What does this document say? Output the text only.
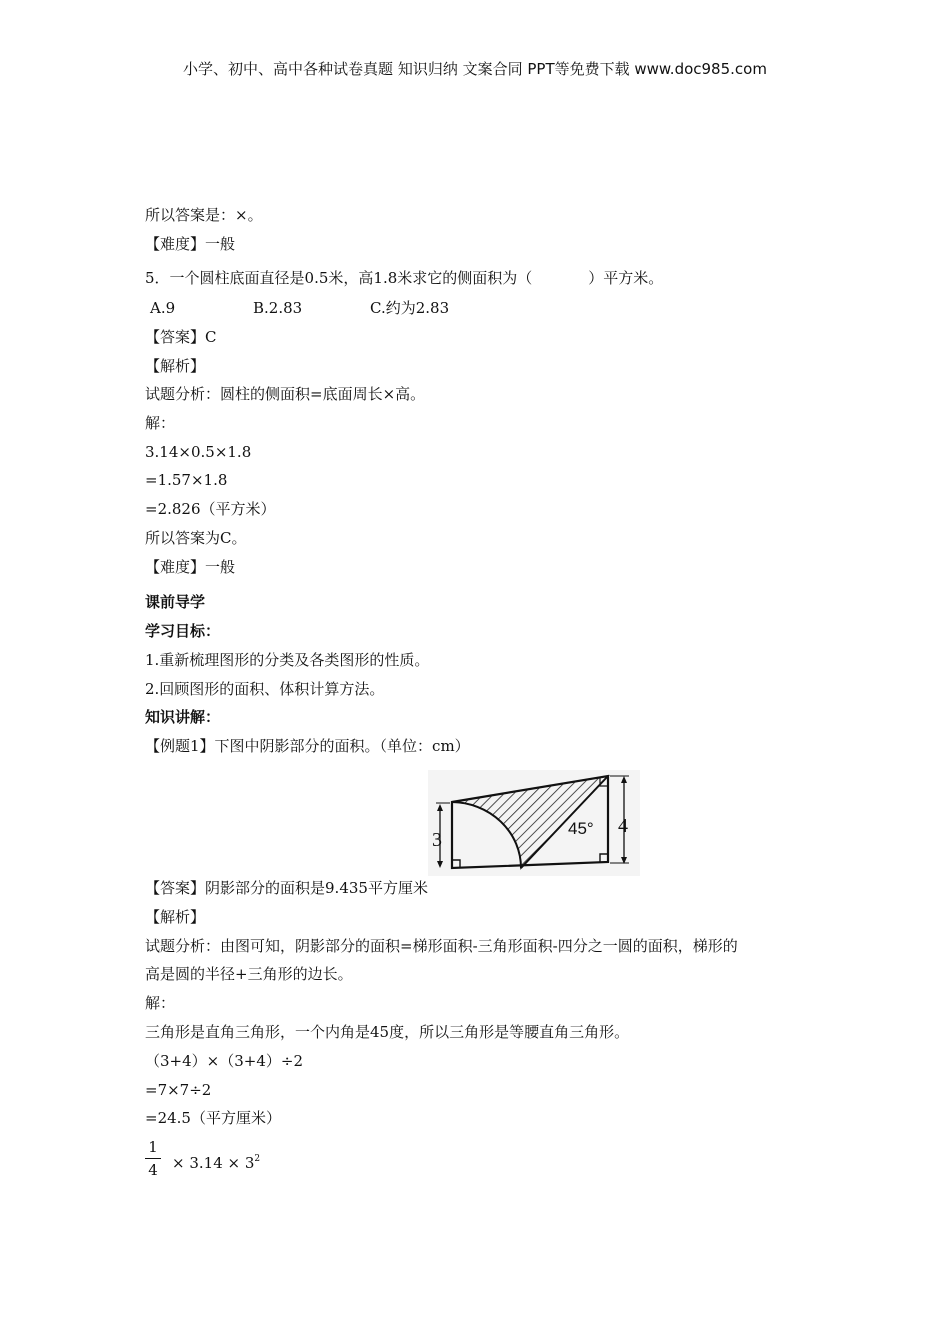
小学、初中、高中各种试卷真题 知识归纳 文案合同 PPT等免费下载 www.doc985.com
所以答案是：×。
【难度】一般
5．一个圆柱底面直径是0.5米，高1.8米求它的侧面积为（	）平方米。
A.9	B.2.83	C.约为2.83
【答案】C
【解析】
试题分析：圆柱的侧面积=底面周长×高。
解：
3.14×0.5×1.8
=1.57×1.8
=2.826（平方米）
所以答案为C。
【难度】一般
课前导学
学习目标：
1.重新梳理图形的分类及各类图形的性质。
2.回顾图形的面积、体积计算方法。
知识讲解：
【例题1】下图中阴影部分的面积。（单位：cm）
3
4
45°
【答案】阴影部分的面积是9.435平方厘米
【解析】
试题分析：由图可知，阴影部分的面积=梯形面积-三角形面积-四分之一圆的面积，梯形的
高是圆的半径+三角形的边长。
解：
三角形是直角三角形，一个内角是45度，所以三角形是等腰直角三角形。
（3+4）×（3+4）÷2
=7×7÷2
=24.5（平方厘米）
1
$4 \times 3.14 \times 3^2$
